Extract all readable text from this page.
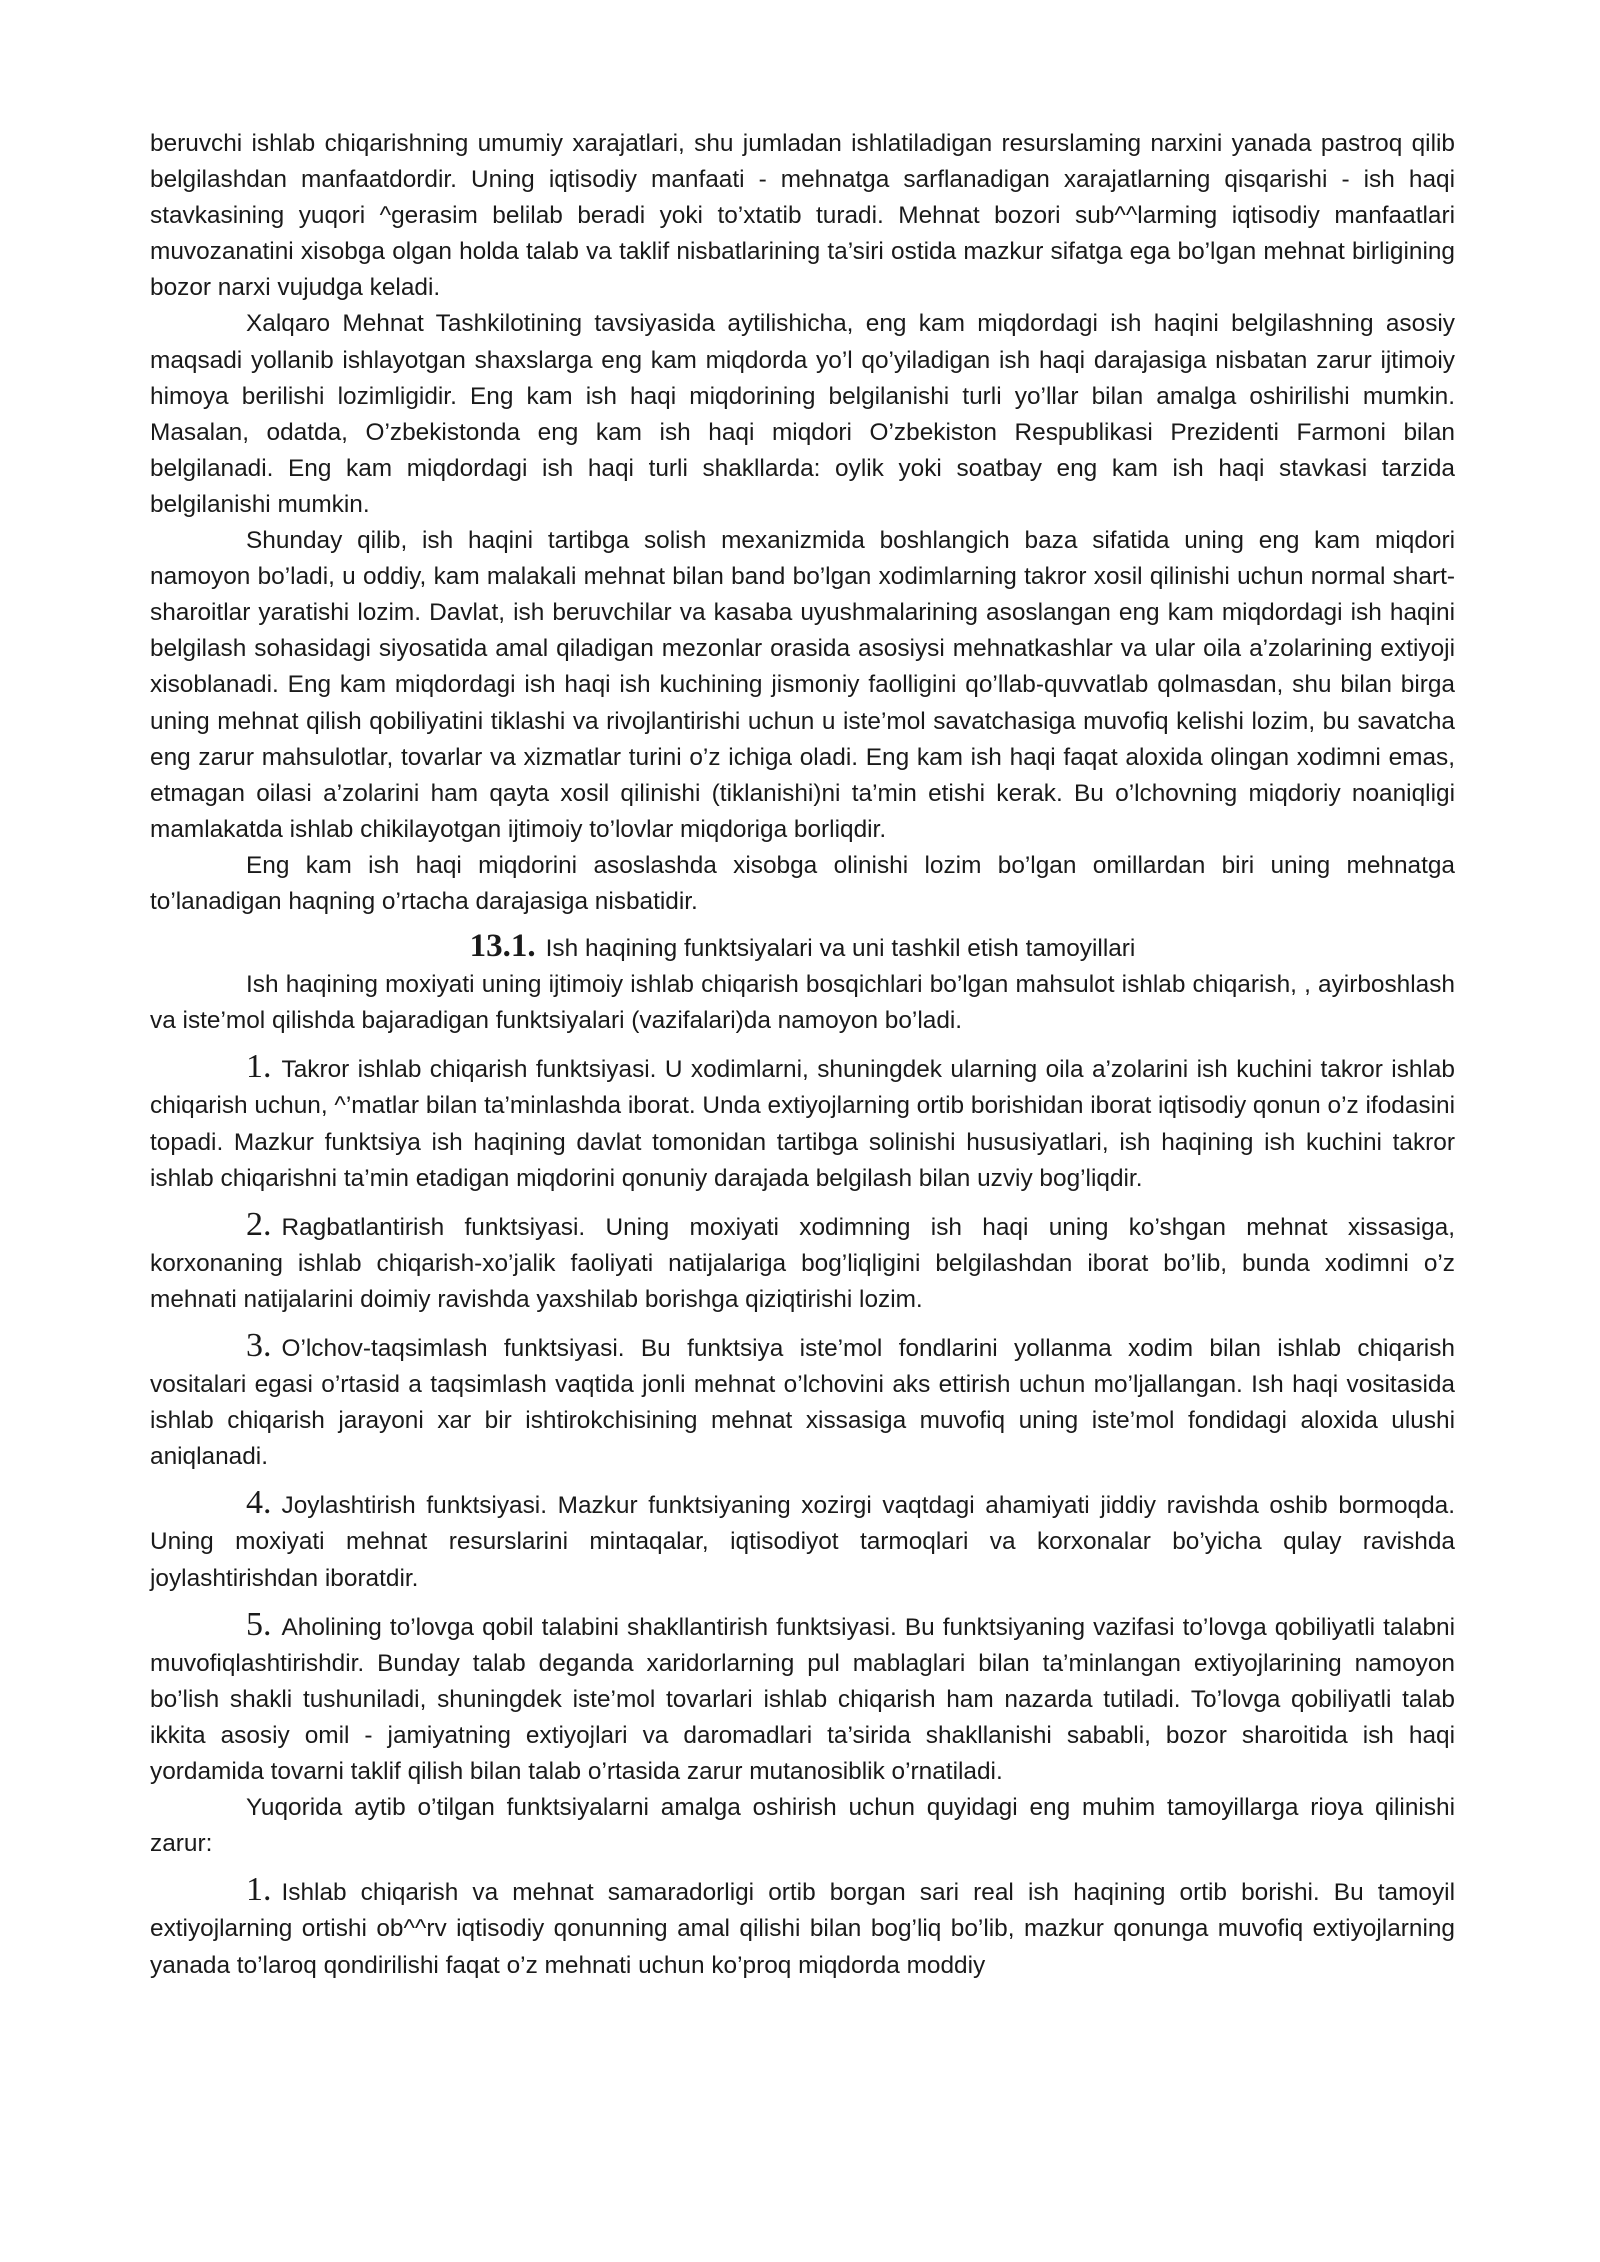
beruvchi ishlab chiqarishning umumiy xarajatlari, shu jumladan ishlatiladigan resurslaming narxini yanada pastroq qilib belgilashdan manfaatdordir. Uning iqtisodiy manfaati - mehnatga sarflanadigan xarajatlarning qisqarishi - ish haqi stavkasining yuqori ^gerasim belilab beradi yoki to’xtatib turadi. Mehnat bozori sub^^larming iqtisodiy manfaatlari muvozanatini xisobga olgan holda talab va taklif nisbatlarining ta’siri ostida mazkur sifatga ega bo’lgan mehnat birligining bozor narxi vujudga keladi.

Xalqaro Mehnat Tashkilotining tavsiyasida aytilishicha, eng kam miqdordagi ish haqini belgilashning asosiy maqsadi yollanib ishlayotgan shaxslarga eng kam miqdorda yo’l qo’yiladigan ish haqi darajasiga nisbatan zarur ijtimoiy himoya berilishi lozimligidir. Eng kam ish haqi miqdorining belgilanishi turli yo’llar bilan amalga oshirilishi mumkin. Masalan, odatda, O’zbekistonda eng kam ish haqi miqdori O’zbekiston Respublikasi Prezidenti Farmoni bilan belgilanadi. Eng kam miqdordagi ish haqi turli shakllarda: oylik yoki soatbay eng kam ish haqi stavkasi tarzida belgilanishi mumkin.

Shunday qilib, ish haqini tartibga solish mexanizmida boshlangich baza sifatida uning eng kam miqdori namoyon bo’ladi, u oddiy, kam malakali mehnat bilan band bo’lgan xodimlarning takror xosil qilinishi uchun normal shart-sharoitlar yaratishi lozim. Davlat, ish beruvchilar va kasaba uyushmalarining asoslangan eng kam miqdordagi ish haqini belgilash sohasidagi siyosatida amal qiladigan mezonlar orasida asosiysi mehnatkashlar va ular oila a’zolarining extiyoji xisoblanadi. Eng kam miqdordagi ish haqi ish kuchining jismoniy faolligini qo’llab-quvvatlab qolmasdan, shu bilan birga uning mehnat qilish qobiliyatini tiklashi va rivojlantirishi uchun u iste’mol savatchasiga muvofiq kelishi lozim, bu savatcha eng zarur mahsulotlar, tovarlar va xizmatlar turini o’z ichiga oladi. Eng kam ish haqi faqat aloxida olingan xodimni emas, etmagan oilasi a’zolarini ham qayta xosil qilinishi (tiklanishi)ni ta’min etishi kerak. Bu o’lchovning miqdoriy noaniqligi mamlakatda ishlab chikilayotgan ijtimoiy to’lovlar miqdoriga borliqdir.

Eng kam ish haqi miqdorini asoslashda xisobga olinishi lozim bo’lgan omillardan biri uning mehnatga to’lanadigan haqning o’rtacha darajasiga nisbatidir.

13.1. Ish haqining funktsiyalari va uni tashkil etish tamoyillari

Ish haqining moxiyati uning ijtimoiy ishlab chiqarish bosqichlari bo’lgan mahsulot ishlab chiqarish, , ayirboshlash va iste’mol qilishda bajaradigan funktsiyalari (vazifalari)da namoyon bo’ladi.

1. Takror ishlab chiqarish funktsiyasi. U xodimlarni, shuningdek ularning oila a’zolarini ish kuchini takror ishlab chiqarish uchun, ^’matlar bilan ta’minlashda iborat. Unda extiyojlarning ortib borishidan iborat iqtisodiy qonun o’z ifodasini topadi. Mazkur funktsiya ish haqining davlat tomonidan tartibga solinishi hususiyatlari, ish haqining ish kuchini takror ishlab chiqarishni ta’min etadigan miqdorini qonuniy darajada belgilash bilan uzviy bog’liqdir.

2. Ragbatlantirish funktsiyasi. Uning moxiyati xodimning ish haqi uning ko’shgan mehnat xissasiga, korxonaning ishlab chiqarish-xo’jalik faoliyati natijalariga bog’liqligini belgilashdan iborat bo’lib, bunda xodimni o’z mehnati natijalarini doimiy ravishda yaxshilab borishga qiziqtirishi lozim.

3. O’lchov-taqsimlash funktsiyasi. Bu funktsiya iste’mol fondlarini yollanma xodim bilan ishlab chiqarish vositalari egasi o’rtasid a taqsimlash vaqtida jonli mehnat o’lchovini aks ettirish uchun mo’ljallangan. Ish haqi vositasida ishlab chiqarish jarayoni xar bir ishtirokchisining mehnat xissasiga muvofiq uning iste’mol fondidagi aloxida ulushi aniqlanadi.

4. Joylashtirish funktsiyasi. Mazkur funktsiyaning xozirgi vaqtdagi ahamiyati jiddiy ravishda oshib bormoqda. Uning moxiyati mehnat resurslarini mintaqalar, iqtisodiyot tarmoqlari va korxonalar bo’yicha qulay ravishda joylashtirishdan iboratdir.

5. Aholining to’lovga qobil talabini shakllantirish funktsiyasi. Bu funktsiyaning vazifasi to’lovga qobiliyatli talabni muvofiqlashtirishdir. Bunday talab deganda xaridorlarning pul mablaglari bilan ta’minlangan extiyojlarining namoyon bo’lish shakli tushuniladi, shuningdek iste’mol tovarlari ishlab chiqarish ham nazarda tutiladi. To’lovga qobiliyatli talab ikkita asosiy omil - jamiyatning extiyojlari va daromadlari ta’sirida shakllanishi sababli, bozor sharoitida ish haqi yordamida tovarni taklif qilish bilan talab o’rtasida zarur mutanosiblik o’rnatiladi.

Yuqorida aytib o’tilgan funktsiyalarni amalga oshirish uchun quyidagi eng muhim tamoyillarga rioya qilinishi zarur:

1. Ishlab chiqarish va mehnat samaradorligi ortib borgan sari real ish haqining ortib borishi. Bu tamoyil extiyojlarning ortishi ob^^rv iqtisodiy qonunning amal qilishi bilan bog’liq bo’lib, mazkur qonunga muvofiq extiyojlarning yanada to’laroq qondirilishi faqat o’z mehnati uchun ko’proq miqdorda moddiy
